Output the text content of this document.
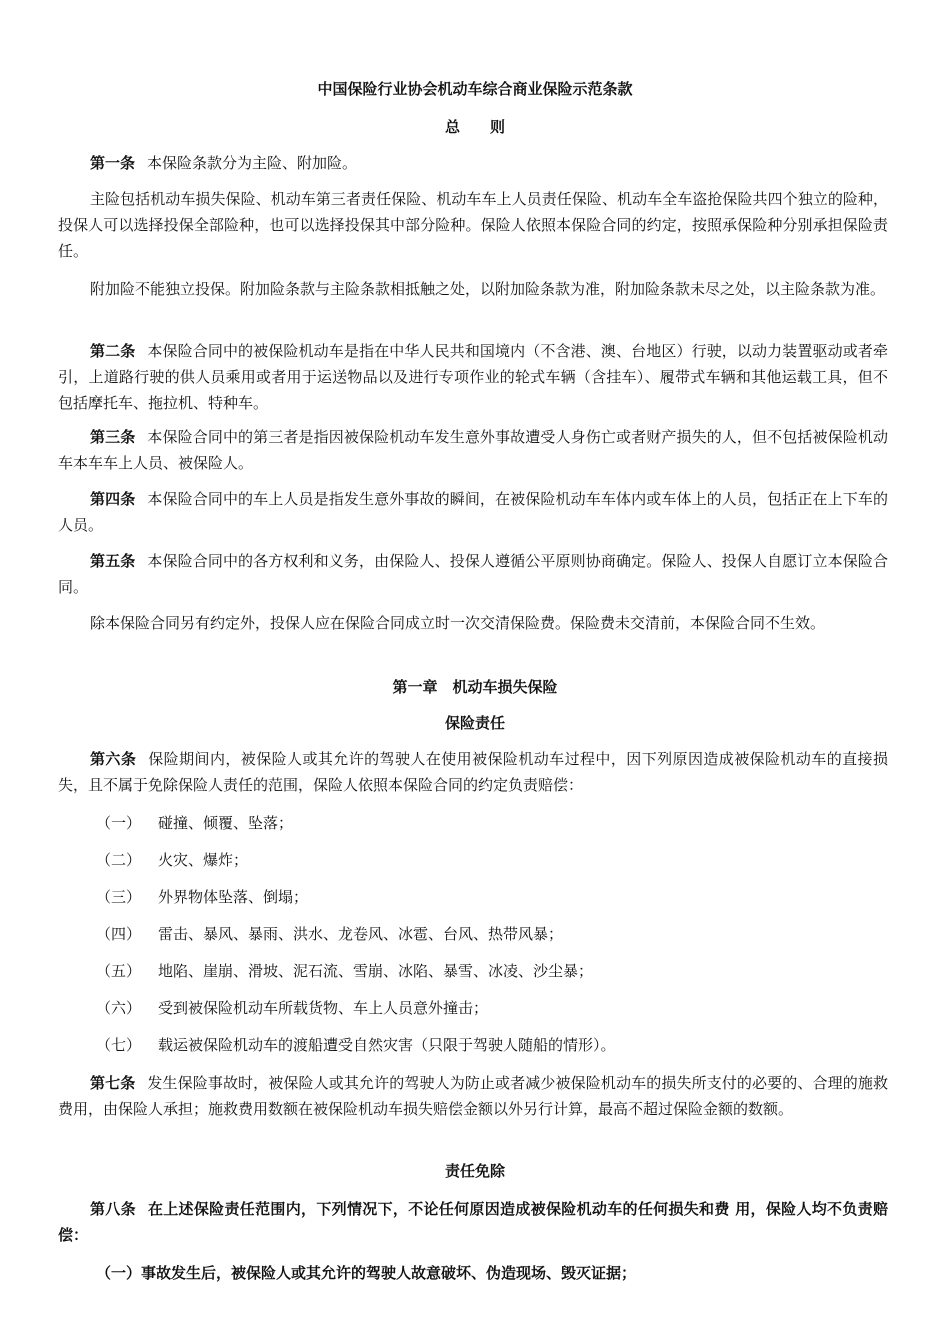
中国保险行业协会机动车综合商业保险示范条款
总　　则
第一条 本保险条款分为主险、附加险。
主险包括机动车损失保险、机动车第三者责任保险、机动车车上人员责任保险、机动车全车盗抢保险共四个独立的险种，投保人可以选择投保全部险种，也可以选择投保其中部分险种。保险人依照本保险合同的约定，按照承保险种分别承担保险责任。
附加险不能独立投保。附加险条款与主险条款相抵触之处，以附加险条款为准，附加险条款未尽之处，以主险条款为准。
第二条 本保险合同中的被保险机动车是指在中华人民共和国境内（不含港、澳、台地区）行驶，以动力装置驱动或者牵引，上道路行驶的供人员乘用或者用于运送物品以及进行专项作业的轮式车辆（含挂车）、履带式车辆和其他运载工具，但不包括摩托车、拖拉机、特种车。
第三条 本保险合同中的第三者是指因被保险机动车发生意外事故遭受人身伤亡或者财产损失的人，但不包括被保险机动车本车车上人员、被保险人。
第四条 本保险合同中的车上人员是指发生意外事故的瞬间，在被保险机动车车体内或车体上的人员，包括正在上下车的人员。
第五条 本保险合同中的各方权利和义务，由保险人、投保人遵循公平原则协商确定。保险人、投保人自愿订立本保险合同。
除本保险合同另有约定外，投保人应在保险合同成立时一次交清保险费。保险费未交清前，本保险合同不生效。
第一章　机动车损失保险
保险责任
第六条 保险期间内，被保险人或其允许的驾驶人在使用被保险机动车过程中，因下列原因造成被保险机动车的直接损失，且不属于免除保险人责任的范围，保险人依照本保险合同的约定负责赔偿：
（一） 碰撞、倾覆、坠落；
（二） 火灾、爆炸；
（三） 外界物体坠落、倒塌；
（四） 雷击、暴风、暴雨、洪水、龙卷风、冰雹、台风、热带风暴；
（五） 地陷、崖崩、滑坡、泥石流、雪崩、冰陷、暴雪、冰凌、沙尘暴；
（六） 受到被保险机动车所载货物、车上人员意外撞击；
（七） 载运被保险机动车的渡船遭受自然灾害（只限于驾驶人随船的情形）。
第七条 发生保险事故时，被保险人或其允许的驾驶人为防止或者减少被保险机动车的损失所支付的必要的、合理的施救费用，由保险人承担；施救费用数额在被保险机动车损失赔偿金额以外另行计算，最高不超过保险金额的数额。
责任免除
第八条 在上述保险责任范围内，下列情况下，不论任何原因造成被保险机动车的任何损失和费 用，保险人均不负责赔偿：
（一）事故发生后，被保险人或其允许的驾驶人故意破坏、伪造现场、毁灭证据；
